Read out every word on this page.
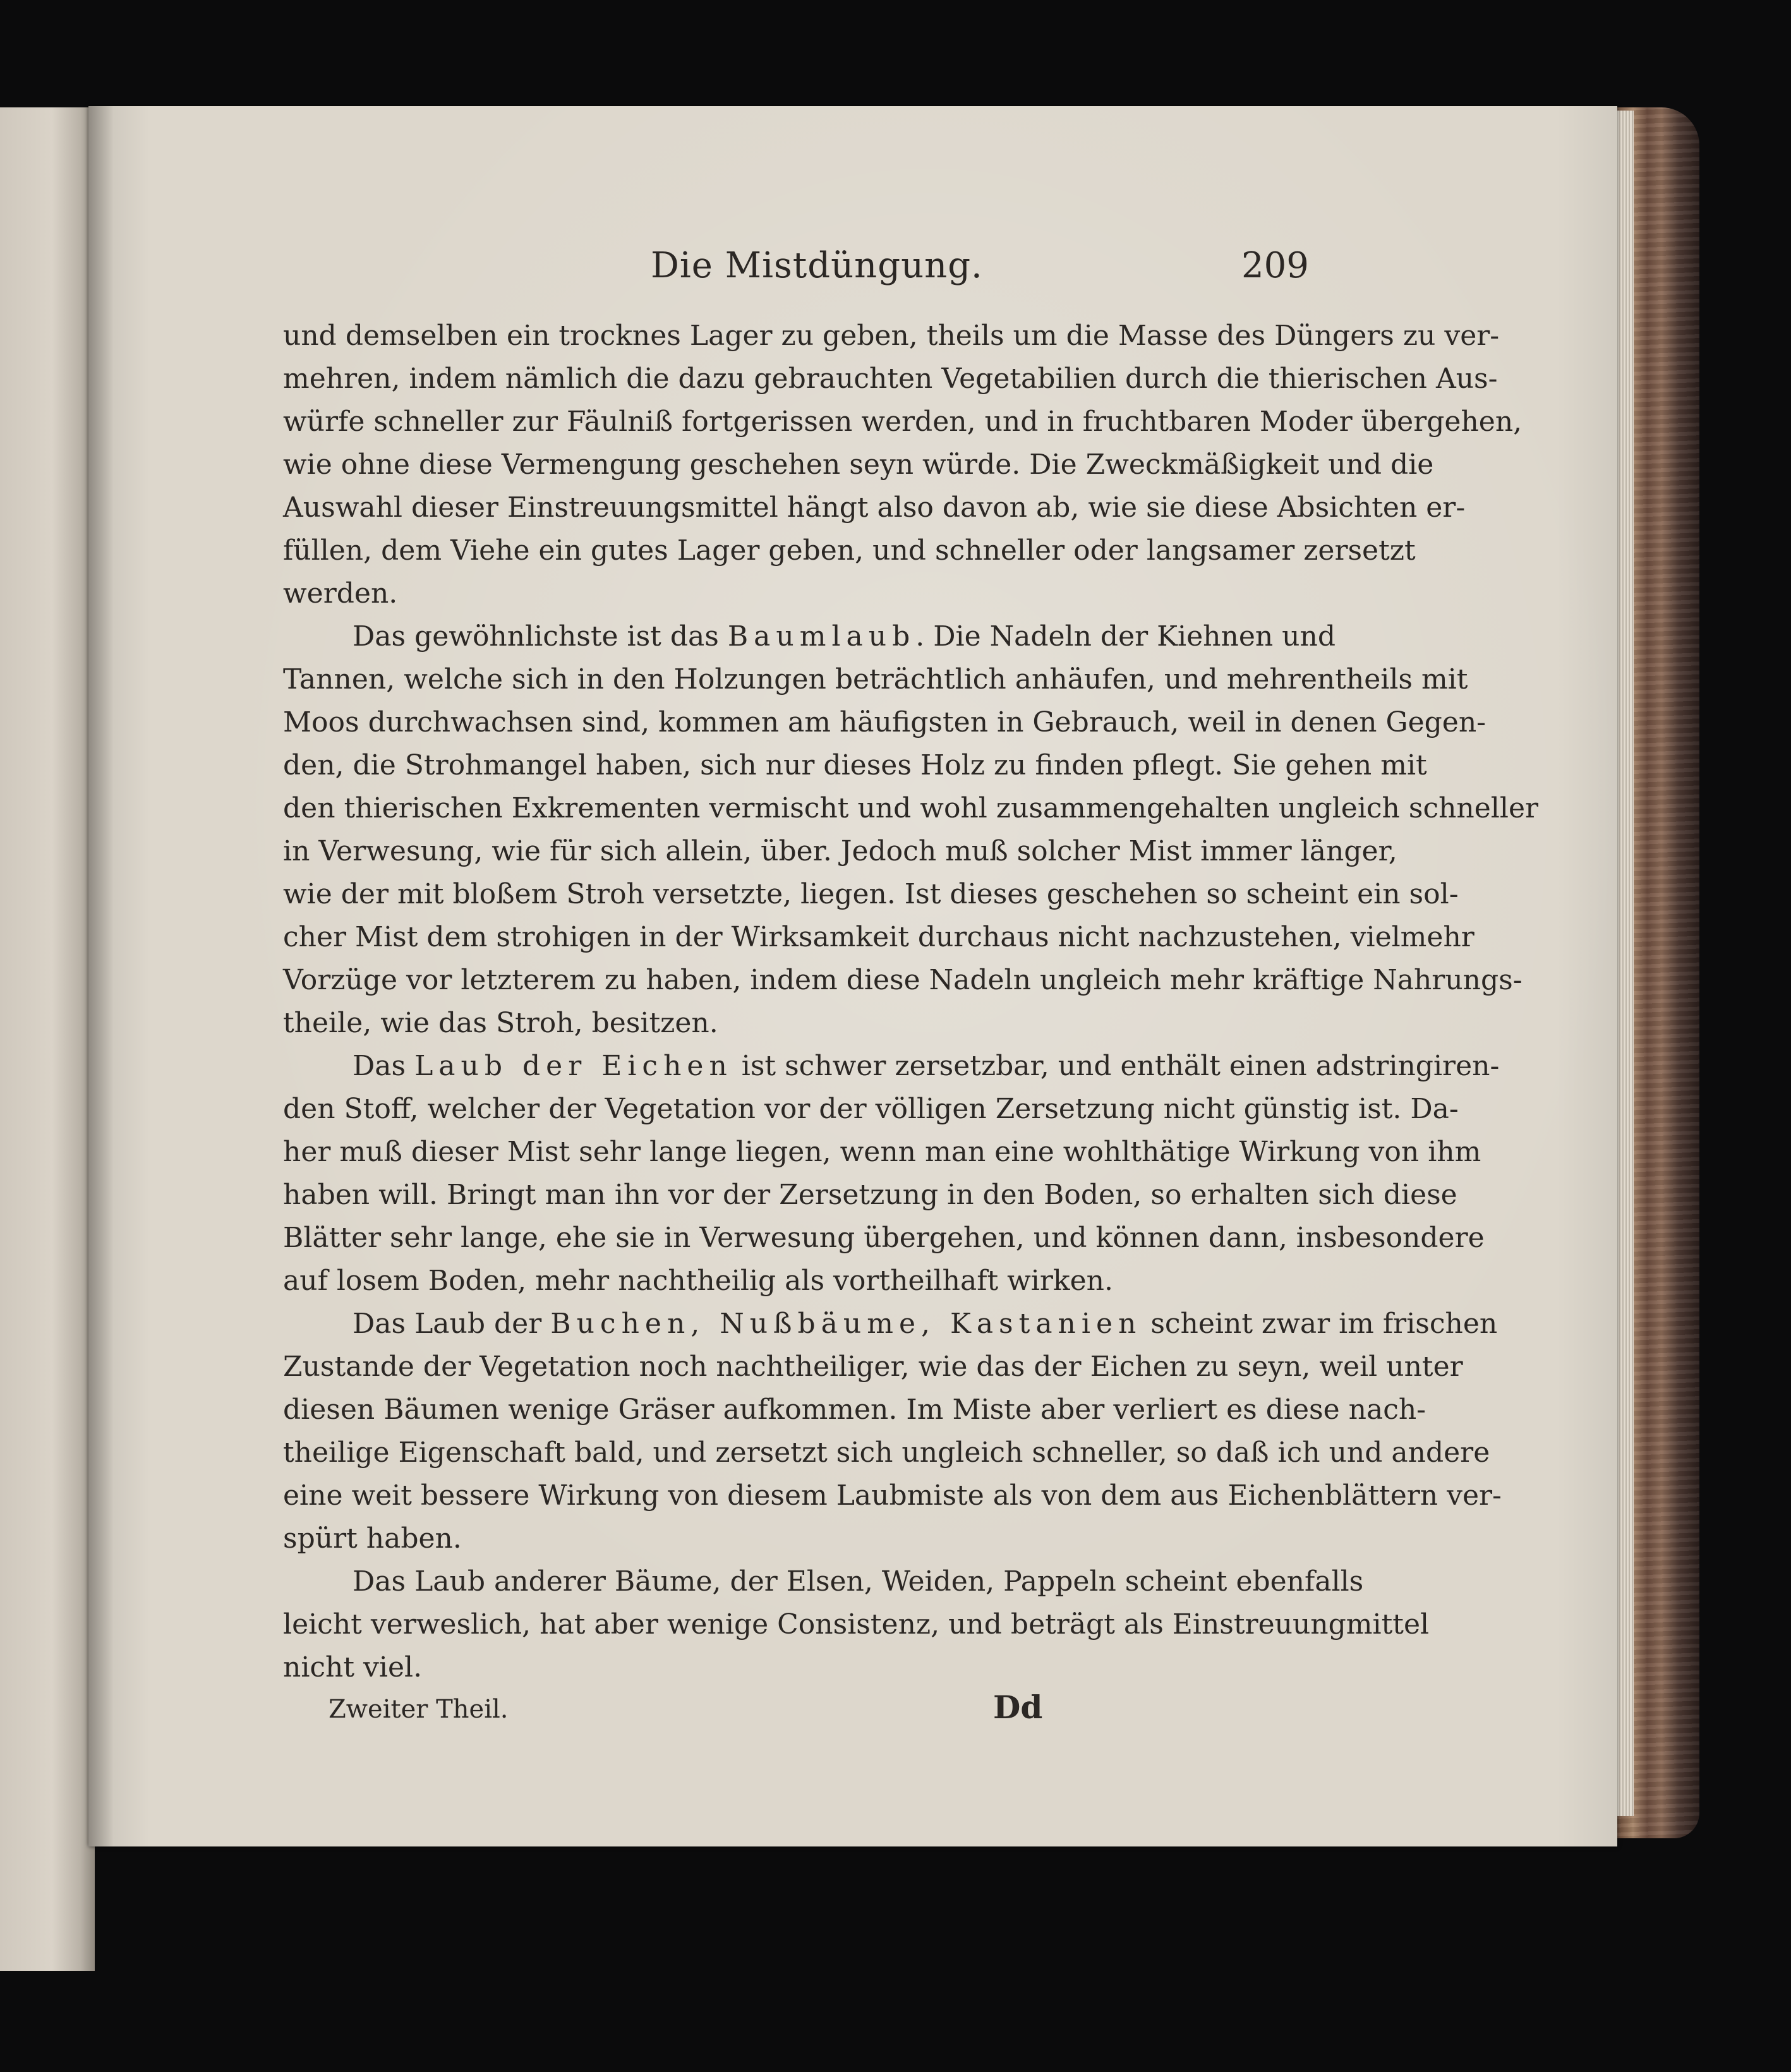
Die Mistdüngung.	209
und demselben ein trocknes Lager zu geben, theils um die Masse des Düngers zu ver-
mehren, indem nämlich die dazu gebrauchten Vegetabilien durch die thierischen Aus-
würfe schneller zur Fäulniß fortgerissen werden, und in fruchtbaren Moder übergehen,
wie ohne diese Vermengung geschehen seyn würde. Die Zweckmäßigkeit und die
Auswahl dieser Einstreuungsmittel hängt also davon ab, wie sie diese Absichten er-
füllen, dem Viehe ein gutes Lager geben, und schneller oder langsamer zersetzt
werden.
Das gewöhnlichste ist das Baumlaub. Die Nadeln der Kiehnen und
Tannen, welche sich in den Holzungen beträchtlich anhäufen, und mehrentheils mit
Moos durchwachsen sind, kommen am häufigsten in Gebrauch, weil in denen Gegen-
den, die Strohmangel haben, sich nur dieses Holz zu finden pflegt. Sie gehen mit
den thierischen Exkrementen vermischt und wohl zusammengehalten ungleich schneller
in Verwesung, wie für sich allein, über. Jedoch muß solcher Mist immer länger,
wie der mit bloßem Stroh versetzte, liegen. Ist dieses geschehen so scheint ein sol-
cher Mist dem strohigen in der Wirksamkeit durchaus nicht nachzustehen, vielmehr
Vorzüge vor letzterem zu haben, indem diese Nadeln ungleich mehr kräftige Nahrungs-
theile, wie das Stroh, besitzen.
Das Laub der Eichen ist schwer zersetzbar, und enthält einen adstringiren-
den Stoff, welcher der Vegetation vor der völligen Zersetzung nicht günstig ist. Da-
her muß dieser Mist sehr lange liegen, wenn man eine wohlthätige Wirkung von ihm
haben will. Bringt man ihn vor der Zersetzung in den Boden, so erhalten sich diese
Blätter sehr lange, ehe sie in Verwesung übergehen, und können dann, insbesondere
auf losem Boden, mehr nachtheilig als vortheilhaft wirken.
Das Laub der Buchen, Nußbäume, Kastanien scheint zwar im frischen
Zustande der Vegetation noch nachtheiliger, wie das der Eichen zu seyn, weil unter
diesen Bäumen wenige Gräser aufkommen. Im Miste aber verliert es diese nach-
theilige Eigenschaft bald, und zersetzt sich ungleich schneller, so daß ich und andere
eine weit bessere Wirkung von diesem Laubmiste als von dem aus Eichenblättern ver-
spürt haben.
Das Laub anderer Bäume, der Elsen, Weiden, Pappeln scheint ebenfalls
leicht verweslich, hat aber wenige Consistenz, und beträgt als Einstreuungmittel
nicht viel.
Zweiter Theil.	Dd
